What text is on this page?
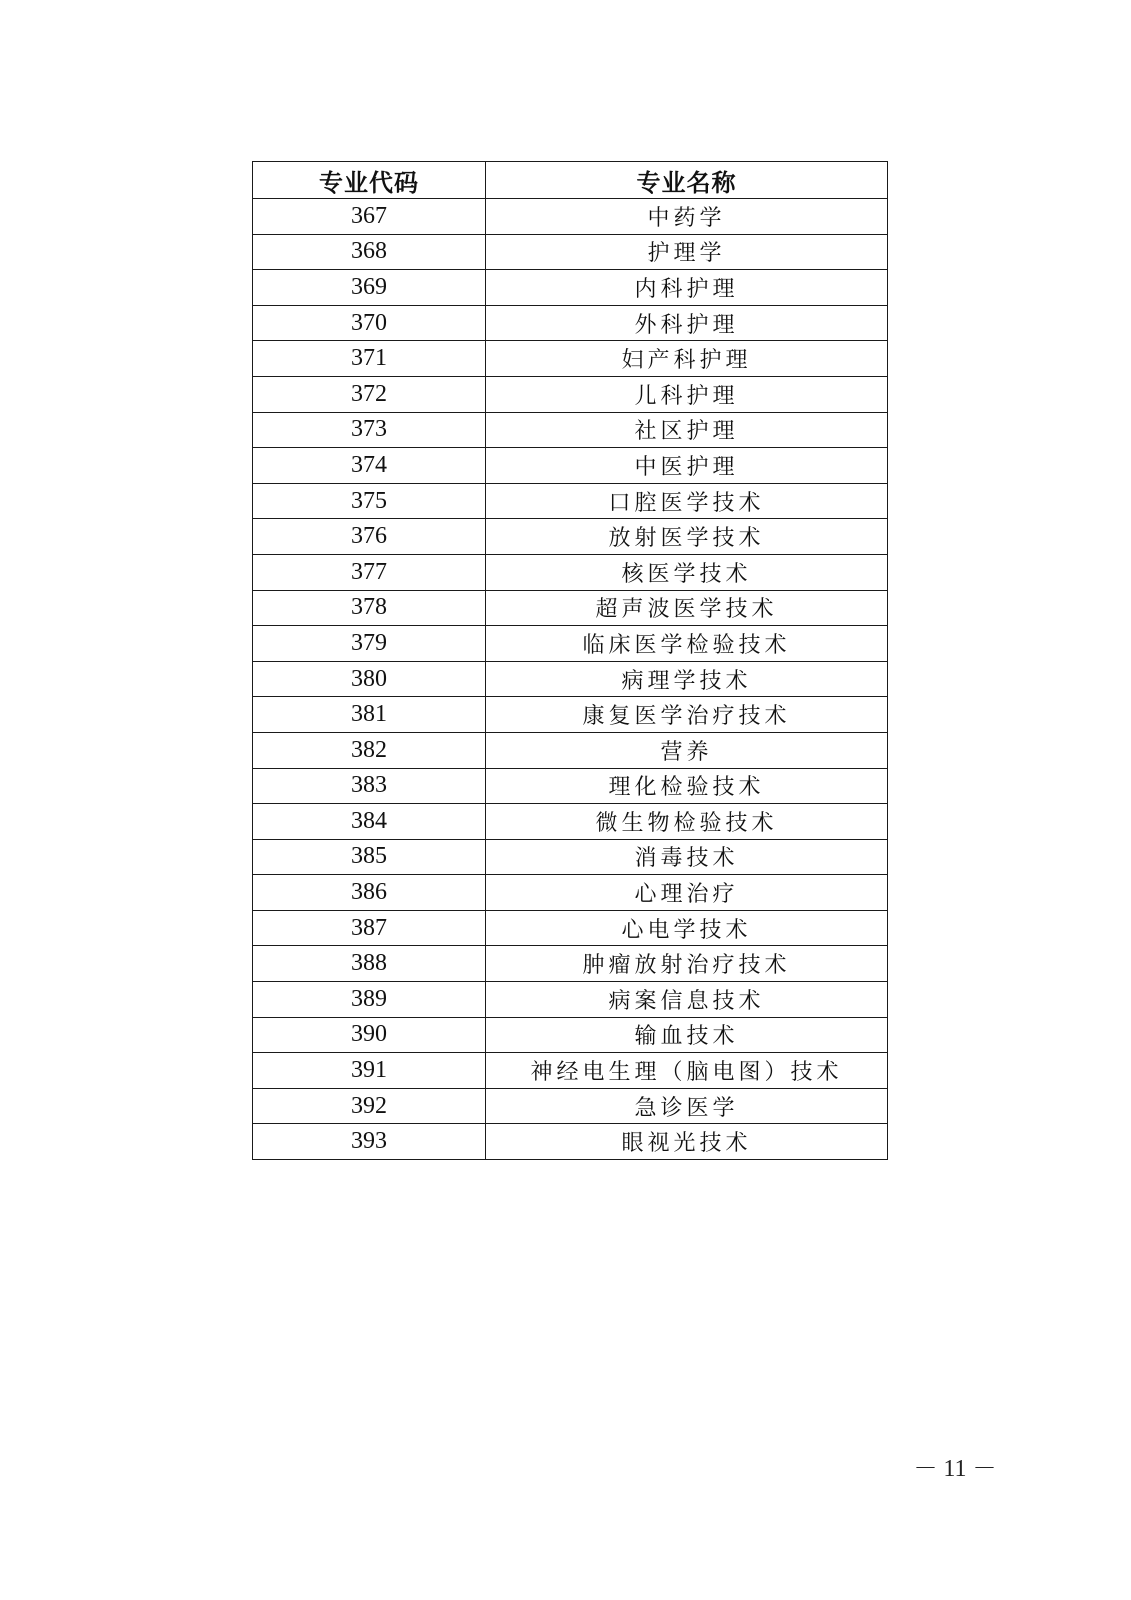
专业代码	专业名称
367	中药学
368	护理学
369	内科护理
370	外科护理
371	妇产科护理
372	儿科护理
373	社区护理
374	中医护理
375	口腔医学技术
376	放射医学技术
377	核医学技术
378	超声波医学技术
379	临床医学检验技术
380	病理学技术
381	康复医学治疗技术
382	营养
383	理化检验技术
384	微生物检验技术
385	消毒技术
386	心理治疗
387	心电学技术
388	肿瘤放射治疗技术
389	病案信息技术
390	输血技术
391	神经电生理（脑电图）技术
392	急诊医学
393	眼视光技术
－ 11 －
